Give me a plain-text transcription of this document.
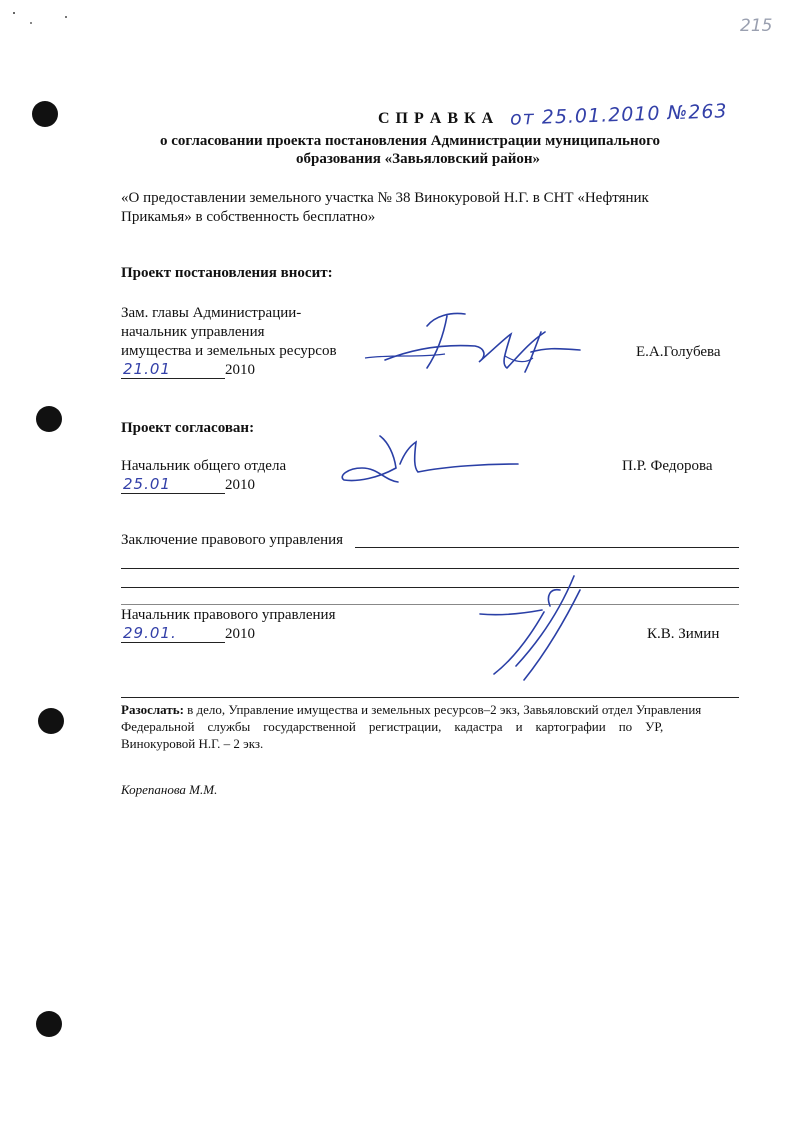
215
С П Р А В К А от 25.01.2010 №263
о согласовании проекта постановления Администрации муниципального
образования «Завьяловский район»
«О предоставлении земельного участка № 38 Винокуровой Н.Г. в СНТ «Нефтяник
Прикамья» в собственность бесплатно»
Проект постановления вносит:
Зам. главы Администрации-
начальник управления
имущества и земельных ресурсов
21.01	2010
Е.А.Голубева
Проект согласован:
Начальник общего отдела
25.01	2010
П.Р. Федорова
Заключение правового управления
Начальник правового управления
29.01.	2010	К.В. Зимин
Разослать: в дело, Управление имущества и земельных ресурсов–2 экз, Завьяловский отдел Управления
Федеральной    службы    государственной    регистрации,    кадастра    и    картографии    по    УР,
Винокуровой Н.Г. – 2 экз.
Корепанова М.М.
